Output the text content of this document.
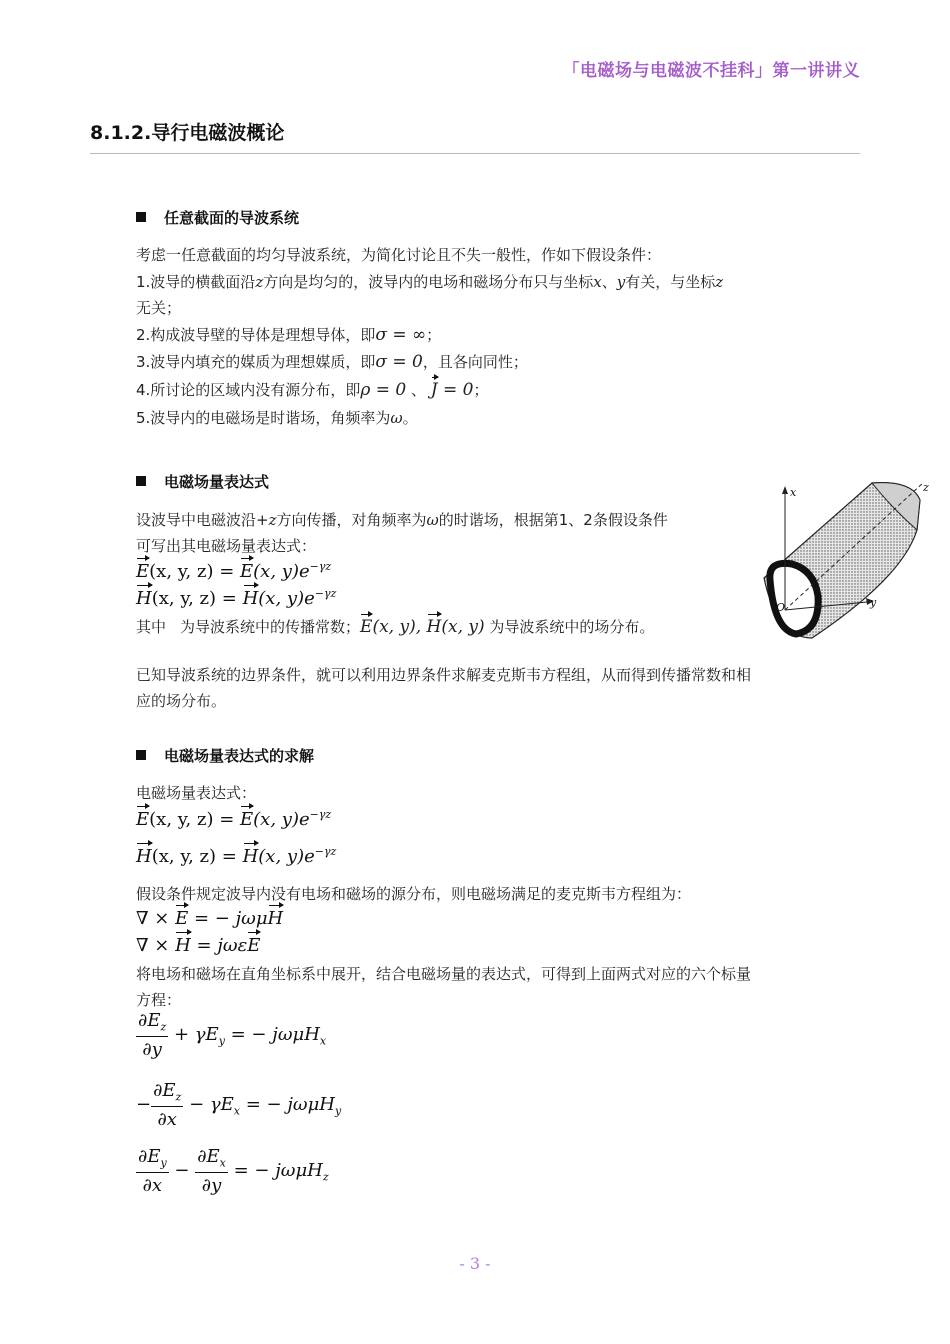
「电磁场与电磁波不挂科」第一讲讲义
8.1.2.导行电磁波概论
任意截面的导波系统
考虑一任意截面的均匀导波系统，为简化讨论且不失一般性，作如下假设条件：
1.波导的横截面沿z方向是均匀的，波导内的电场和磁场分布只与坐标x、y有关，与坐标z
无关；
2.构成波导壁的导体是理想导体，即σ = ∞；
3.波导内填充的媒质为理想媒质，即σ = 0，且各向同性；
4.所讨论的区域内没有源分布，即ρ = 0 、 J = 0；
5.波导内的电磁场是时谐场，角频率为ω。
电磁场量表达式
设波导中电磁波沿+z方向传播，对角频率为ω的时谐场，根据第1、2条假设条件
可写出其电磁场量表达式：
E(x, y, z) = E(x, $y)e^{-\gamma z}$
H(x, y, z) = H(x, $y)e^{-\gamma z}$
其中 为导波系统中的传播常数；E(x, y), H(x, y) 为导波系统中的场分布。
已知导波系统的边界条件，就可以利用边界条件求解麦克斯韦方程组，从而得到传播常数和相
应的场分布。
x
y
z
O
电磁场量表达式的求解
电磁场量表达式：
E(x, y, z) = E(x, $y)e^{-\gamma z}$
H(x, y, z) = H(x, $y)e^{-\gamma z}$
假设条件规定波导内没有电场和磁场的源分布，则电磁场满足的麦克斯韦方程组为：
∇ × E = − jωμH
∇ × H = jωεE
将电场和磁场在直角坐标系中展开，结合电磁场量的表达式，可得到上面两式对应的六个标量
方程：
$\frac{\partial E_z}{\partial y} + \gamma E_y$ = − jωμH$_x$
− $\frac{\partial E_z}{\partial x} - \gamma E_x$ = − jωμH$_y$
$\frac{\partial E_y}{\partial x} - \frac{\partial E_x}{\partial y}$ = − jωμH$_z$
- 3 -
